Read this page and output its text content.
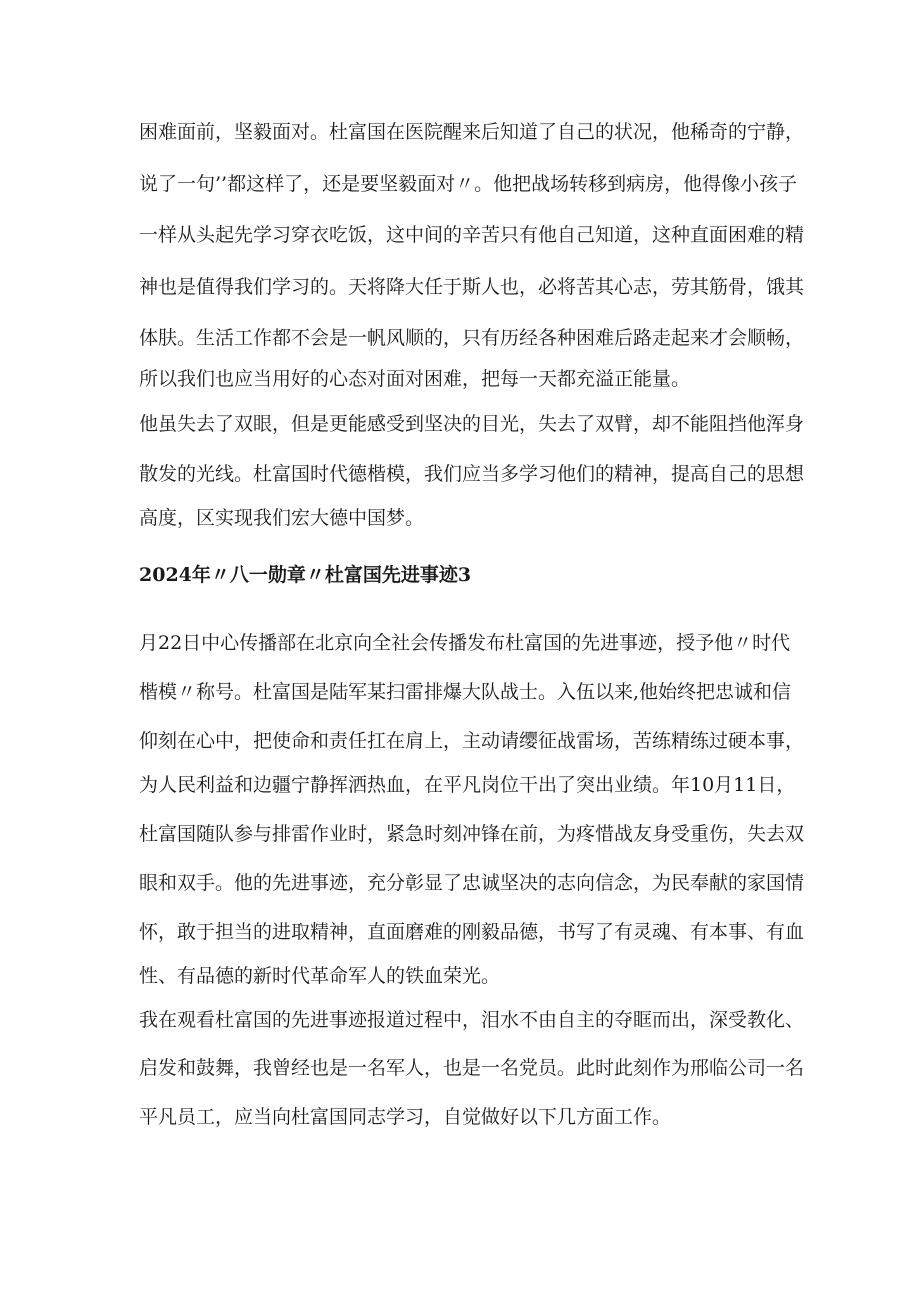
困难面前，坚毅面对。杜富国在医院醒来后知道了自己的状况，他稀奇的宁静，
说了一句’’都这样了，还是要坚毅面对〃。他把战场转移到病房，他得像小孩子
一样从头起先学习穿衣吃饭，这中间的辛苦只有他自己知道，这种直面困难的精
神也是值得我们学习的。天将降大任于斯人也，必将苦其心志，劳其筋骨，饿其
体肤。生活工作都不会是一帆风顺的，只有历经各种困难后路走起来才会顺畅，
所以我们也应当用好的心态对面对困难，把每一天都充溢正能量。
他虽失去了双眼，但是更能感受到坚决的目光，失去了双臂，却不能阻挡他浑身
散发的光线。杜富国时代德楷模，我们应当多学习他们的精神，提高自己的思想
高度，区实现我们宏大德中国梦。
2024年〃八一勋章〃杜富国先进事迹3
月22日中心传播部在北京向全社会传播发布杜富国的先进事迹，授予他〃时代
楷模〃称号。杜富国是陆军某扫雷排爆大队战士。入伍以来,他始终把忠诚和信
仰刻在心中，把使命和责任扛在肩上，主动请缨征战雷场，苦练精练过硬本事，
为人民利益和边疆宁静挥洒热血，在平凡岗位干出了突出业绩。年10月11日，
杜富国随队参与排雷作业时，紧急时刻冲锋在前，为疼惜战友身受重伤，失去双
眼和双手。他的先进事迹，充分彰显了忠诚坚决的志向信念，为民奉献的家国情
怀，敢于担当的进取精神，直面磨难的刚毅品德，书写了有灵魂、有本事、有血
性、有品德的新时代革命军人的铁血荣光。
我在观看杜富国的先进事迹报道过程中，泪水不由自主的夺眶而出，深受教化、
启发和鼓舞，我曾经也是一名军人，也是一名党员。此时此刻作为邢临公司一名
平凡员工，应当向杜富国同志学习，自觉做好以下几方面工作。
